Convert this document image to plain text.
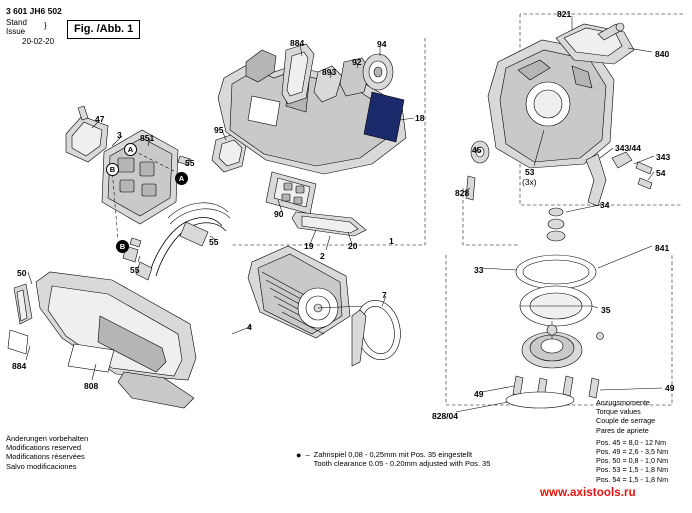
3 601 JH6 502
Stand
Issue
}
20-02-20
Fig. /Abb. 1
821
840
884	94
92
893
47
3 851
95
18
45
53
(3x)
343/44
343
54
55
34
828
841
90
19
2
20	1
55
55
50	33
35
7
4
884
808
49
49
828/04
A
B
A
B
Anzugsmomente
Torque values
Couple de serrage
Pares de apriete
Pos. 45 = 8,0 - 12 Nm
Pos. 49 = 2,6 - 3,5 Nm
Pos. 50 = 0,8 - 1,0 Nm
Pos. 53 = 1,5 - 1,8 Nm
Pos. 54 = 1,5 - 1,8 Nm
Änderungen vorbehalten
Modifications reserved
Modifications réservées
Salvo modificaciones
● – Zahnspiel 0,08 - 0,25mm mit Pos. 35 eingestellt
Tooth clearance 0.05 - 0.20mm adjusted with Pos. 35
www.axistools.ru
